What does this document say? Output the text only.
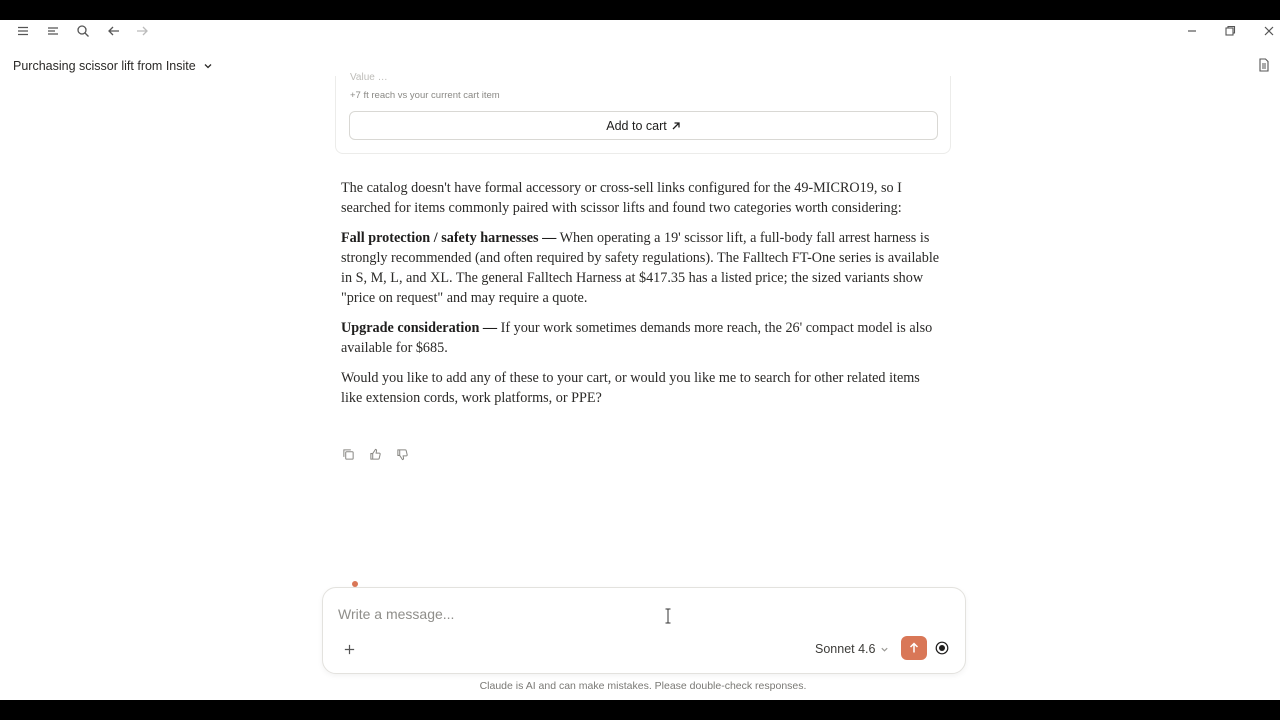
Purchasing scissor lift from Insite
Value …
+7 ft reach vs your current cart item
Add to cart

The catalog doesn't have formal accessory or cross-sell links configured for the 49-MICRO19, so I searched for items commonly paired with scissor lifts and found two categories worth considering:

Fall protection / safety harnesses — When operating a 19' scissor lift, a full-body fall arrest harness is strongly recommended (and often required by safety regulations). The Falltech FT-One series is available in S, M, L, and XL. The general Falltech Harness at $417.35 has a listed price; the sized variants show "price on request" and may require a quote.

Upgrade consideration — If your work sometimes demands more reach, the 26' compact model is also available for $685.

Would you like to add any of these to your cart, or would you like me to search for other related items like extension cords, work platforms, or PPE?

Write a message...
Sonnet 4.6
Claude is AI and can make mistakes. Please double-check responses.
